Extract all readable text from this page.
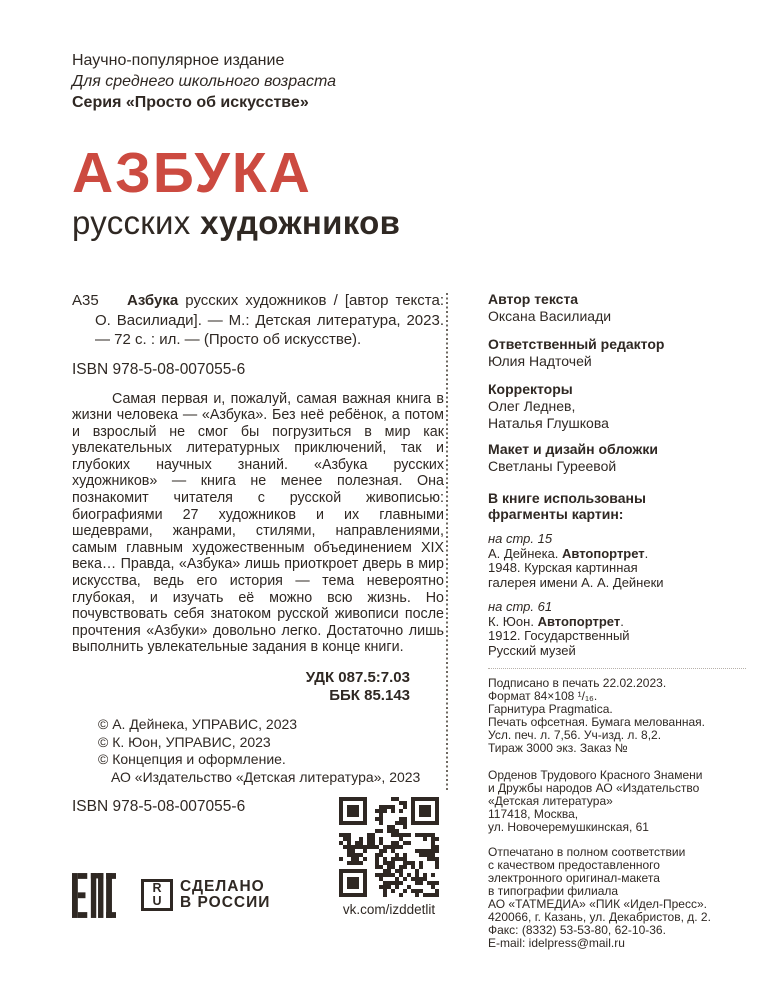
Научно-популярное издание
Для среднего школьного возраста
Серия «Просто об искусстве»
АЗБУКА
русских художников

А35 Азбука русских художников / [автор текста: О. Василиади]. — М.: Детская литература, 2023. — 72 с. : ил. — (Просто об искусстве).

ISBN 978-5-08-007055-6

Самая первая и, пожалуй, самая важная книга в жизни человека — «Азбука». Без неё ребёнок, а потом и взрослый не смог бы погрузиться в мир как увлекательных литературных приключений, так и глубоких научных знаний. «Азбука русских художников» — книга не менее полезная. Она познакомит читателя с русской живописью: биографиями 27 художников и их главными шедеврами, жанрами, стилями, направлениями, самым главным художественным объединением XIX века… Правда, «Азбука» лишь приоткроет дверь в мир искусства, ведь его история — тема невероятно глубокая, и изучать её можно всю жизнь. Но почувствовать себя знатоком русской живописи после прочтения «Азбуки» довольно легко. Достаточно лишь выполнить увлекательные задания в конце книги.

УДК 087.5:7.03
ББК 85.143
© А. Дейнека, УПРАВИС, 2023
© К. Юон, УПРАВИС, 2023
© Концепция и оформление.
АО «Издательство «Детская литература», 2023
ISBN 978-5-08-007055-6
R
U
СДЕЛАНО
В РОССИИ	vk.com/izddetlit
Автор текста
Оксана Василиади
Ответственный редактор
Юлия Надточей
Корректоры
Олег Леднев,
Наталья Глушкова
Макет и дизайн обложки
Светланы Гуреевой
В книге использованы фрагменты картин:
на стр. 15
А. Дейнека. Автопортрет.
1948. Курская картинная
галерея имени А. А. Дейнеки
на стр. 61
К. Юон. Автопортрет.
1912. Государственный
Русский музей
Подписано в печать 22.02.2023.
Формат 84×108 ¹/₁₆.
Гарнитура Pragmatica.
Печать офсетная. Бумага мелованная.
Усл. печ. л. 7,56. Уч-изд. л. 8,2.
Тираж 3000 экз. Заказ №
Орденов Трудового Красного Знамени
и Дружбы народов АО «Издательство
«Детская литература»
117418, Москва,
ул. Новочеремушкинская, 61
Отпечатано в полном соответствии
с качеством предоставленного
электронного оригинал-макета
в типографии филиала
АО «ТАТМЕДИА» «ПИК «Идел-Пресс».
420066, г. Казань, ул. Декабристов, д. 2.
Факс: (8332) 53-53-80, 62-10-36.
E-mail: idelpress@mail.ru
